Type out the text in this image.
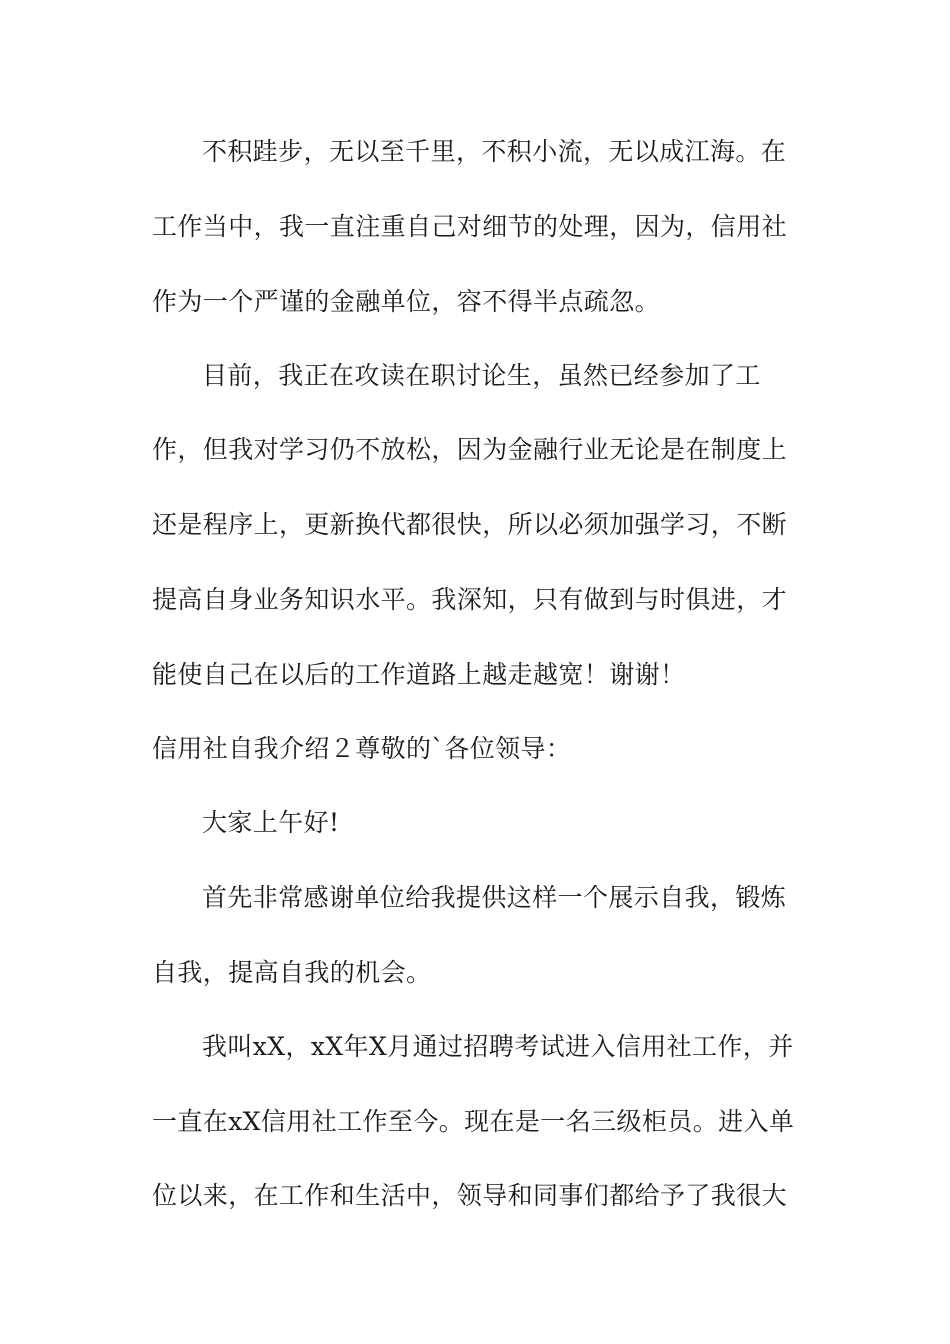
不积跬步，无以至千里，不积小流，无以成江海。在
工作当中，我一直注重自己对细节的处理，因为，信用社
作为一个严谨的金融单位，容不得半点疏忽。
目前，我正在攻读在职讨论生，虽然已经参加了工
作，但我对学习仍不放松，因为金融行业无论是在制度上
还是程序上，更新换代都很快，所以必须加强学习，不断
提高自身业务知识水平。我深知，只有做到与时俱进，才
能使自己在以后的工作道路上越走越宽！谢谢！
信用社自我介绍２尊敬的`各位领导：
大家上午好!
首先非常感谢单位给我提供这样一个展示自我，锻炼
自我，提高自我的机会。
我叫xX，xX年X月通过招聘考试进入信用社工作，并
一直在xX信用社工作至今。现在是一名三级柜员。进入单
位以来，在工作和生活中，领导和同事们都给予了我很大
